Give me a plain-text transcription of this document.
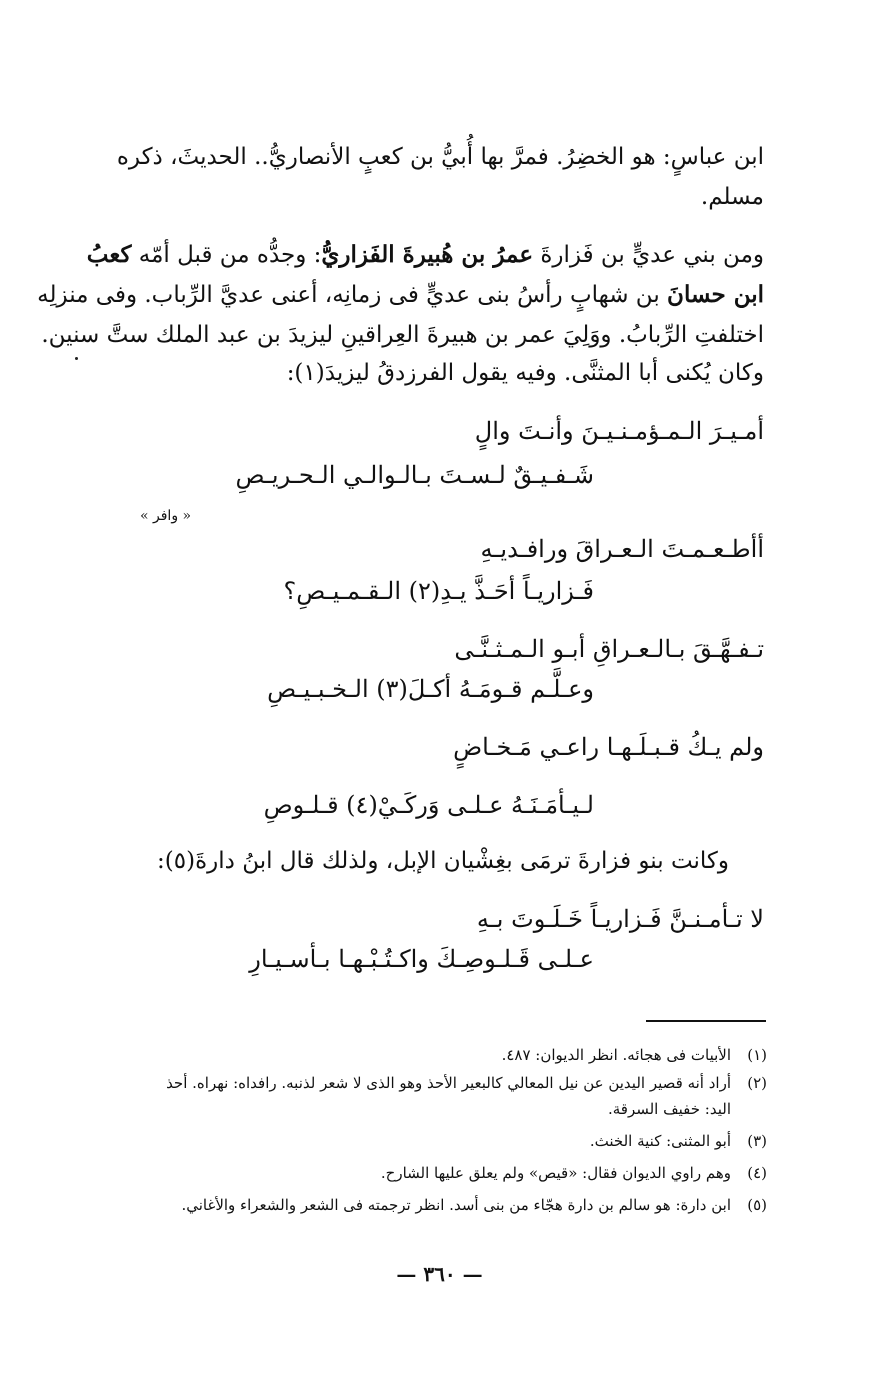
ابن عباسٍ: هو الخضِرُ. فمرَّ بها أُبيُّ بن كعبٍ الأنصاريُّ.. الحديثَ، ذكره
مسلم.
ومن بني عديٍّ بن فَزارةَ عمرُ بن هُبيرةَ الفَزاريُّ: وجدُّه من قبل أمّه كعبُ
ابن حسانَ بن شهابٍ رأسُ بنى عديٍّ فى زمانِه، أعنى عديَّ الرِّباب. وفى منزلِه
اختلفتِ الرِّبابُ. ووَلِيَ عمر بن هبيرةَ العِراقينِ ليزيدَ بن عبد الملك ستَّ سنين.
وكان يُكنى أبا المثنَّى. وفيه يقول الفرزدقُ ليزيدَ(١):
أمـيـرَ الـمـؤمـنـيـنَ وأنـتَ والٍ
شَـفـيـقٌ لـسـتَ بـالـوالـي الـحـريـصِ
« وافر »
أأطـعـمـتَ الـعـراقَ ورافـديـهِ
فَـزاريـاً أحَـذَّ يـدِ(٢) الـقـمـيـصِ؟
تـفـهَّـقَ بـالـعـراقِ أبـو الـمـثـنَّـى
وعـلَّـم قـومَـهُ أكـلَ(٣) الـخـبـيـصِ
ولم يـكُ قـبـلَـهـا راعـي مَـخـاضٍ
لـيـأمَـنَـهُ عـلـى وَركَـيْ(٤) قـلـوصِ
وكانت بنو فزارةَ ترمَى بغِشْيان الإبل، ولذلك قال ابنُ دارةَ(٥):
لا تـأمـنـنَّ فَـزاريـاً خَـلَـوتَ بـهِ
عـلـى قَـلـوصِـكَ واكـتُـبْـهـا بـأسـيـارِ
(١)الأبيات فى هجائه. انظر الديوان: ٤٨٧.
(٢)أراد أنه قصير اليدين عن نيل المعالي كالبعير الأحذ وهو الذى لا شعر لذنبه. رافداه: نهراه. أحذ
اليد: خفيف السرقة.
(٣)أبو المثنى: كنية الخنث.
(٤)وهم راوي الديوان فقال: «قيص» ولم يعلق عليها الشارح.
(٥)ابن دارة: هو سالم بن دارة هجّاء من بنى أسد. انظر ترجمته فى الشعر والشعراء والأغاني.
— ٣٦٠ —
